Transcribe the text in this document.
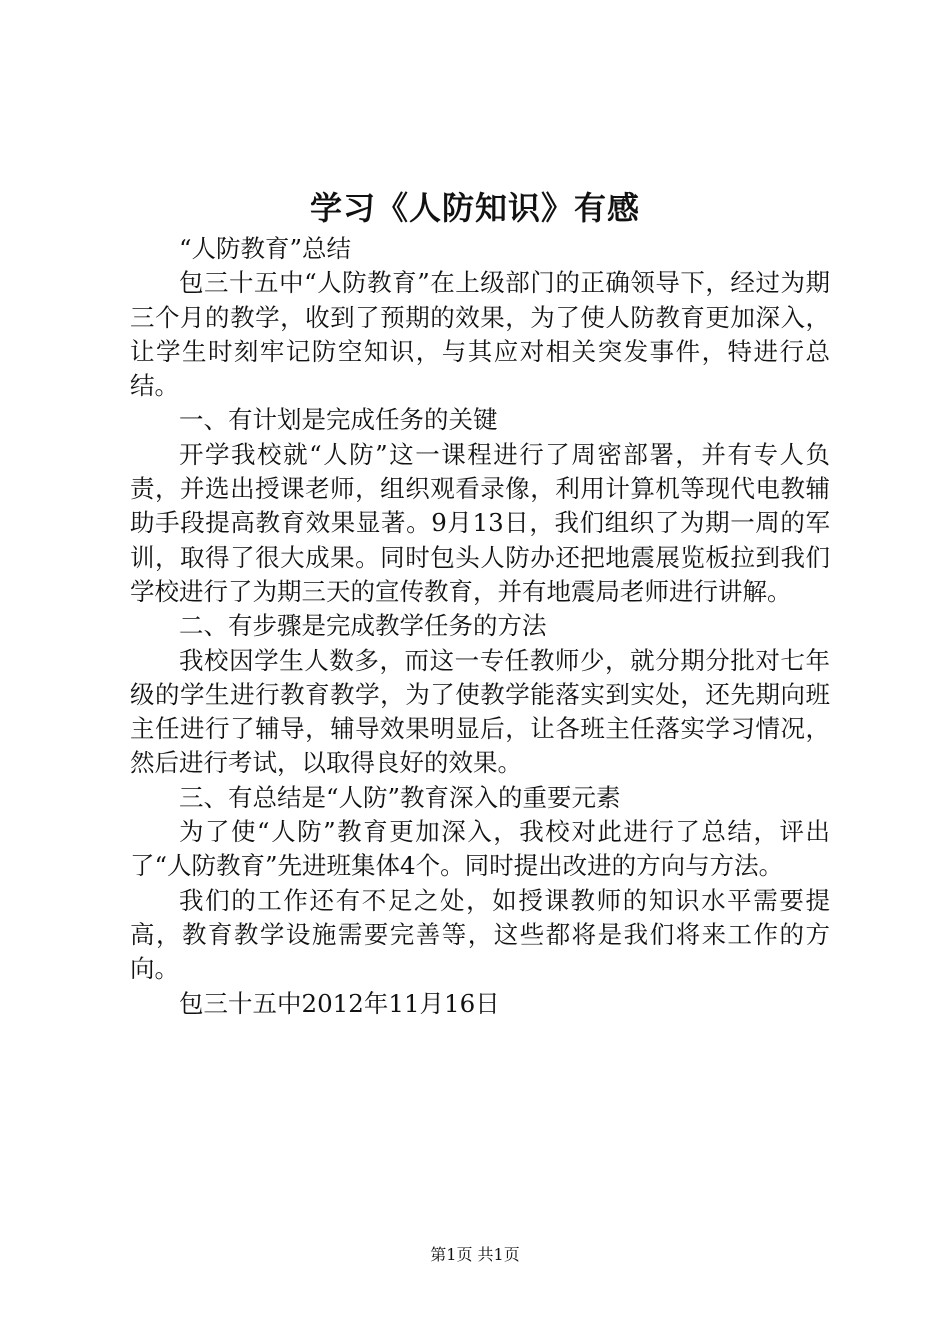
学习《人防知识》有感

“人防教育”总结

包三十五中“人防教育”在上级部门的正确领导下，经过为期三个月的教学，收到了预期的效果，为了使人防教育更加深入，让学生时刻牢记防空知识，与其应对相关突发事件，特进行总结。

一、有计划是完成任务的关键

开学我校就“人防”这一课程进行了周密部署，并有专人负责，并选出授课老师，组织观看录像，利用计算机等现代电教辅助手段提高教育效果显著。9月13日，我们组织了为期一周的军训，取得了很大成果。同时包头人防办还把地震展览板拉到我们学校进行了为期三天的宣传教育，并有地震局老师进行讲解。

二、有步骤是完成教学任务的方法

我校因学生人数多，而这一专任教师少，就分期分批对七年级的学生进行教育教学，为了使教学能落实到实处，还先期向班主任进行了辅导，辅导效果明显后，让各班主任落实学习情况，然后进行考试，以取得良好的效果。

三、有总结是“人防”教育深入的重要元素

为了使“人防”教育更加深入，我校对此进行了总结，评出了“人防教育”先进班集体4个。同时提出改进的方向与方法。

我们的工作还有不足之处，如授课教师的知识水平需要提高，教育教学设施需要完善等，这些都将是我们将来工作的方向。

包三十五中2012年11月16日

第1页 共1页
